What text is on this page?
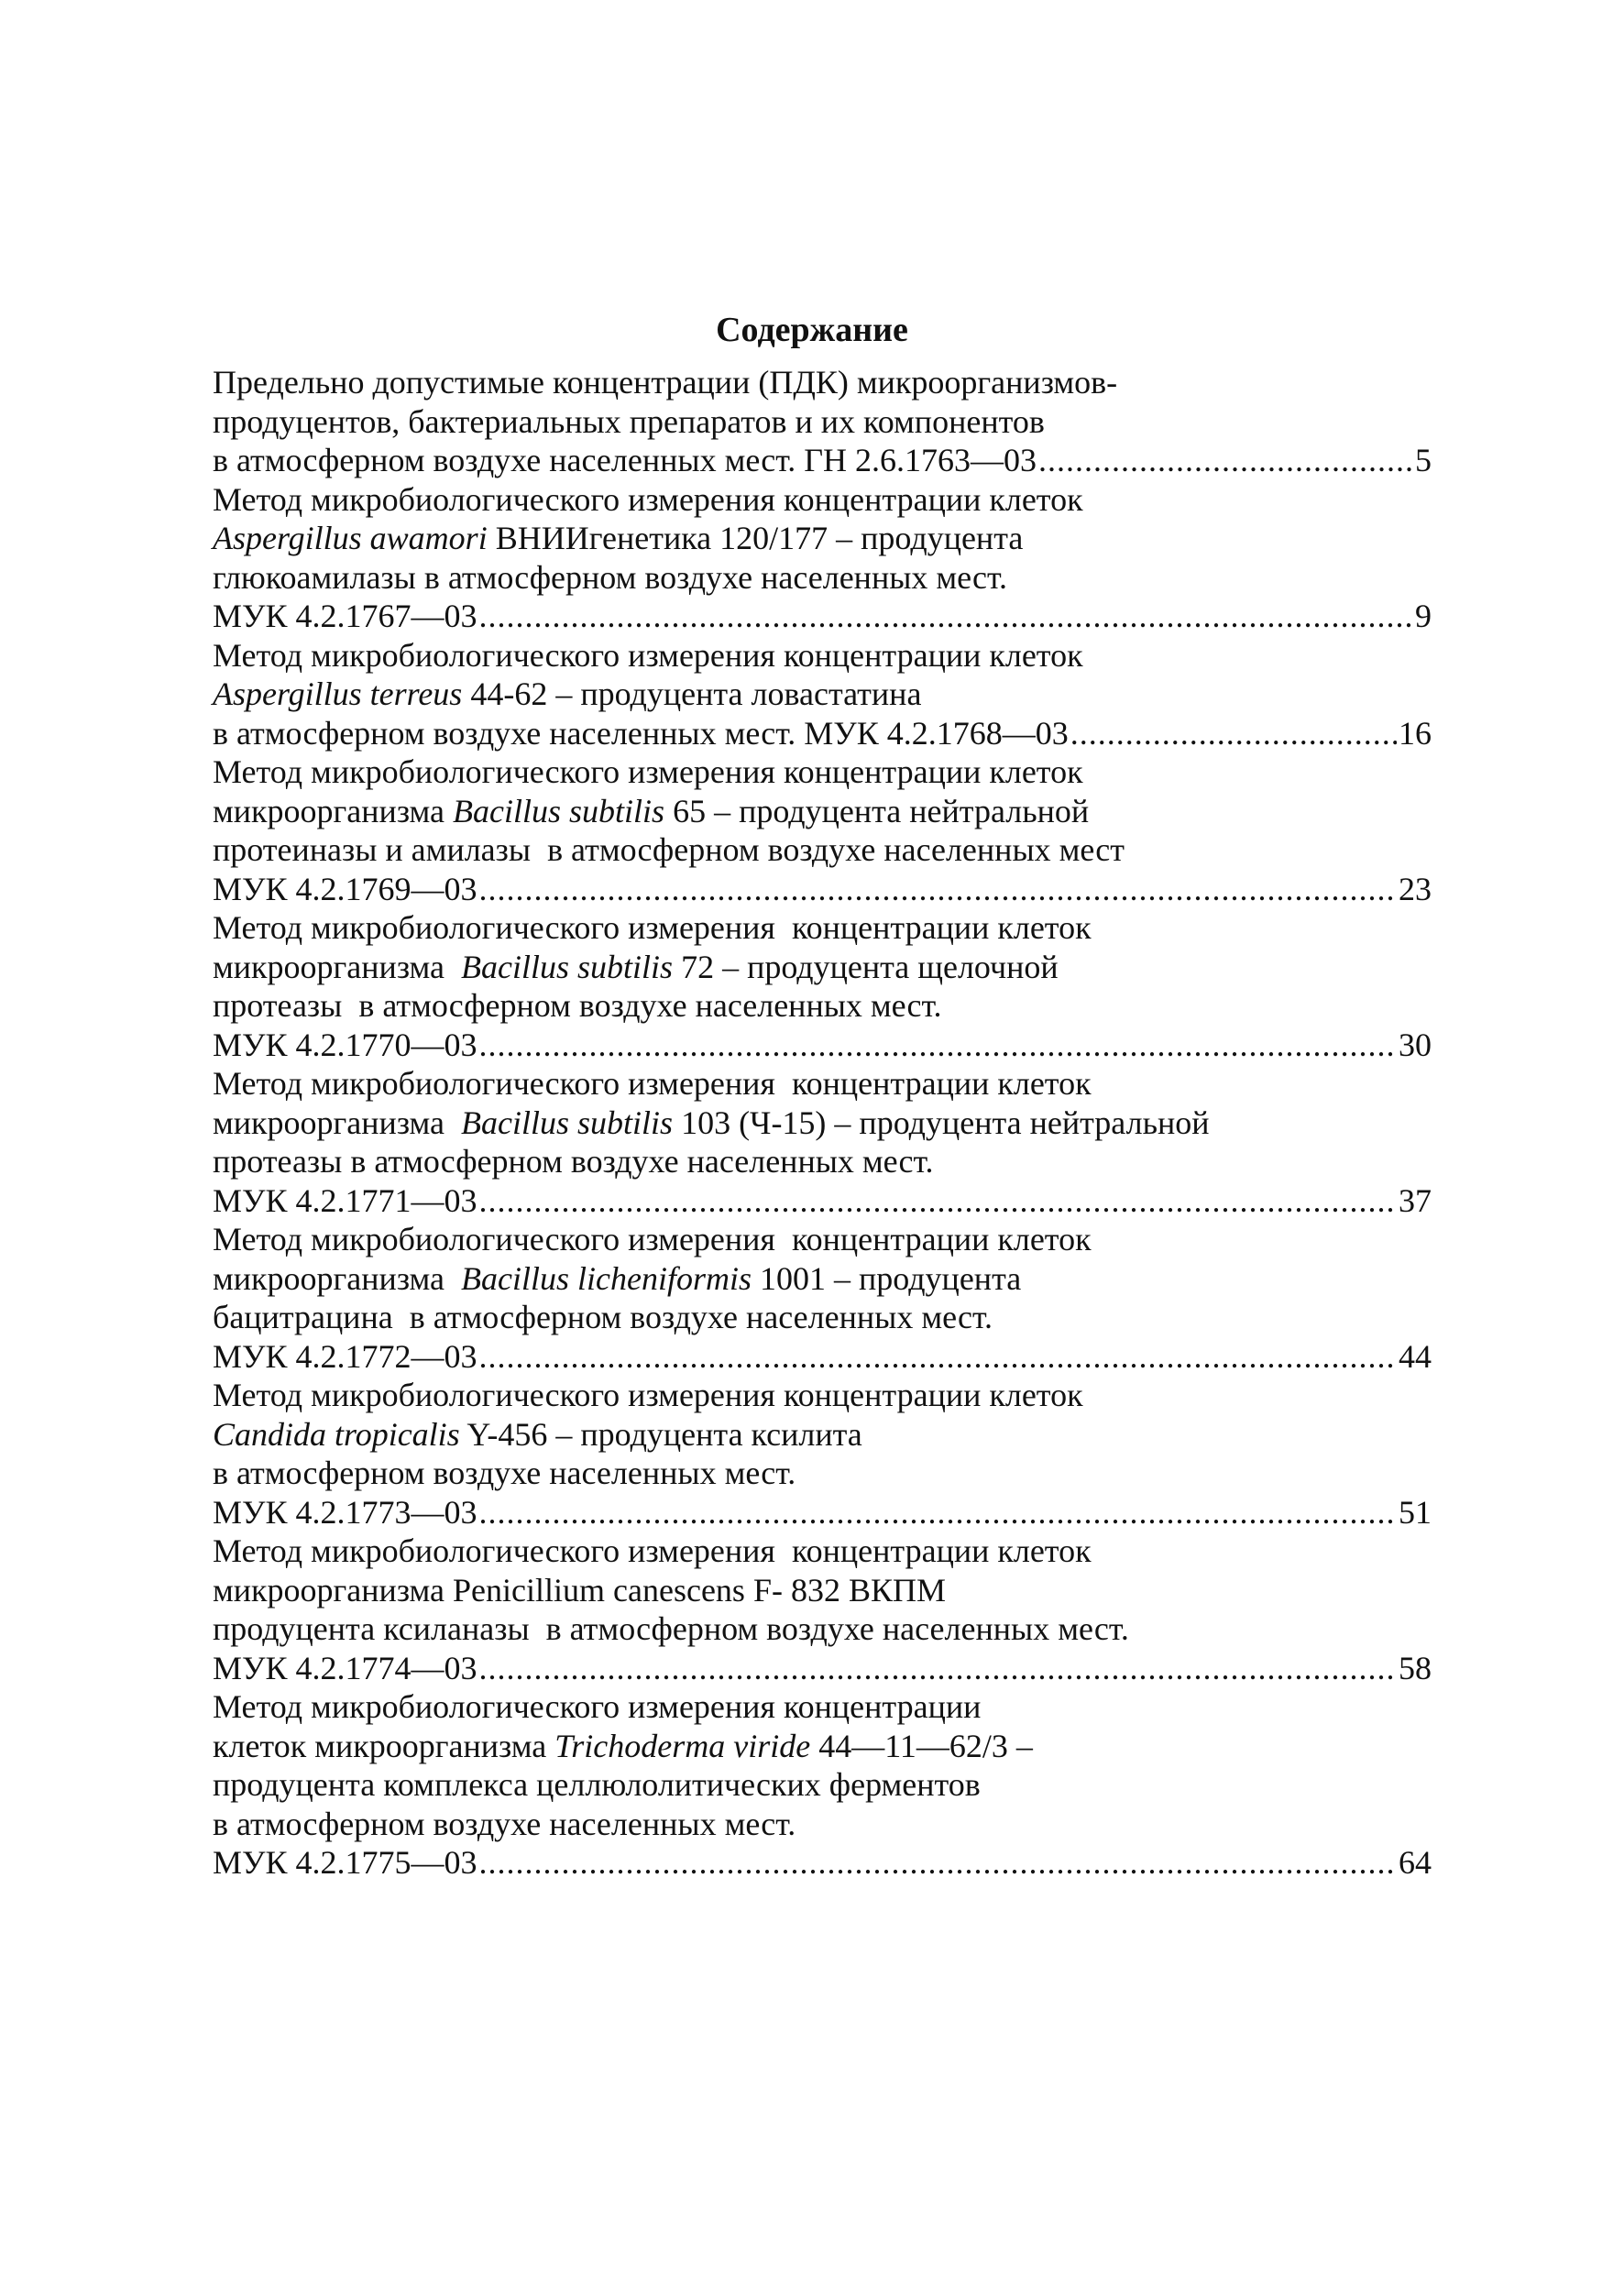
Содержание
Предельно допустимые концентрации (ПДК) микроорганизмов-
продуцентов, бактериальных препаратов и их компонентов
в атмосферном воздухе населенных мест. ГН 2.6.1763—03 .....	5
Метод микробиологического измерения концентрации клеток
Aspergillus awamori ВНИИгенетика 120/177 – продуцента
глюкоамилазы в атмосферном воздухе населенных мест.
МУК 4.2.1767—03 .....	9
Метод микробиологического измерения концентрации клеток
Aspergillus terreus 44-62 – продуцента ловастатина
в атмосферном воздухе населенных мест. МУК 4.2.1768—03 .....	16
Метод микробиологического измерения концентрации клеток
микроорганизма Bacillus subtilis 65 – продуцента нейтральной
протеиназы и амилазы  в атмосферном воздухе населенных мест
МУК 4.2.1769—03 .....	23
Метод микробиологического измерения  концентрации клеток
микроорганизма  Bacillus subtilis 72 – продуцента щелочной
протеазы  в атмосферном воздухе населенных мест.
МУК 4.2.1770—03 .....	30
Метод микробиологического измерения  концентрации клеток
микроорганизма  Bacillus subtilis 103 (Ч-15) – продуцента нейтральной
протеазы в атмосферном воздухе населенных мест.
МУК 4.2.1771—03 .....	37
Метод микробиологического измерения  концентрации клеток
микроорганизма  Bacillus licheniformis 1001 – продуцента
бацитрацина  в атмосферном воздухе населенных мест.
МУК 4.2.1772—03 .....	44
Метод микробиологического измерения концентрации клеток
Candida tropicalis Y-456 – продуцента ксилита
в атмосферном воздухе населенных мест.
МУК 4.2.1773—03 .....	51
Метод микробиологического измерения  концентрации клеток
микроорганизма Penicillium canescens F- 832 ВКПМ
продуцента ксиланазы  в атмосферном воздухе населенных мест.
МУК 4.2.1774—03 .....	58
Метод микробиологического измерения концентрации
клеток микроорганизма Trichoderma viride 44—11—62/3 –
продуцента комплекса целлюлолитических ферментов
в атмосферном воздухе населенных мест.
МУК 4.2.1775—03 .....	64
